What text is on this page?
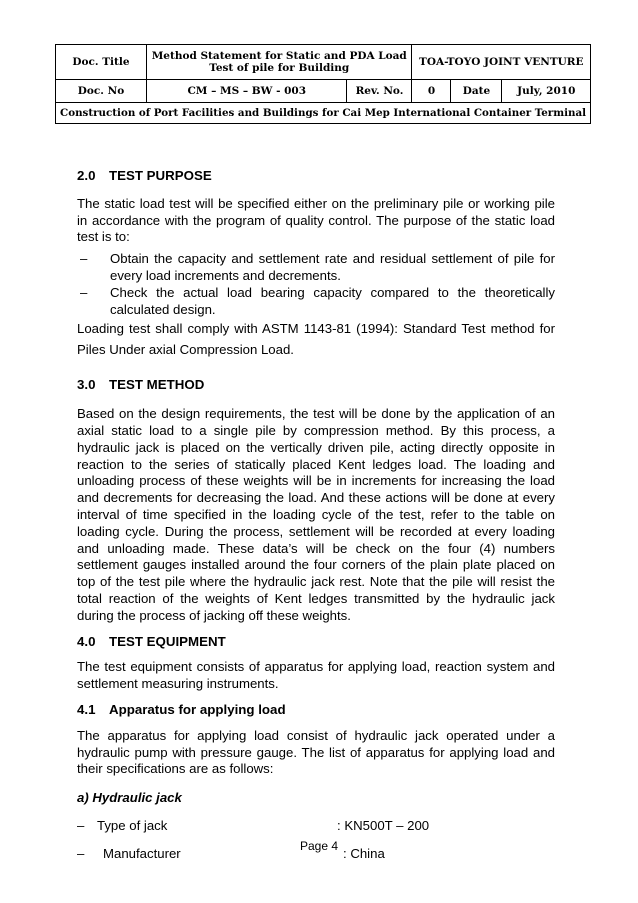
Doc. Title	Method Statement for Static and PDA Load Test of pile for Building		TOA-TOYO JOINT VENTURE		
Doc. No	CM – MS – BW - 003	Rev. No.	0	Date	July, 2010
Construction of Port Facilities and Buildings for Cai Mep International Container Terminal					
2.0	TEST PURPOSE

The static load test will be specified either on the preliminary pile or working pile in accordance with the program of quality control. The purpose of the static load test is to:

–	Obtain the capacity and settlement rate and residual settlement of pile for every load increments and decrements.
–	Check the actual load bearing capacity compared to the theoretically calculated design.

Loading test shall comply with ASTM 1143-81 (1994): Standard Test method for Piles Under axial Compression Load.

3.0	TEST METHOD

Based on the design requirements, the test will be done by the application of an axial static load to a single pile by compression method. By this process, a hydraulic jack is placed on the vertically driven pile, acting directly opposite in reaction to the series of statically placed Kent ledges load. The loading and unloading process of these weights will be in increments for increasing the load and decrements for decreasing the load. And these actions will be done at every interval of time specified in the loading cycle of the test, refer to the table on loading cycle. During the process, settlement will be recorded at every loading and unloading made. These data’s will be check on the four (4) numbers settlement gauges installed around the four corners of the plain plate placed on top of the test pile where the hydraulic jack rest. Note that the pile will resist the total reaction of the weights of Kent ledges transmitted by the hydraulic jack during the process of jacking off these weights.

4.0	TEST EQUIPMENT

The test equipment consists of apparatus for applying load, reaction system and settlement measuring instruments.

4.1	Apparatus for applying load

The apparatus for applying load consist of hydraulic jack operated under a hydraulic pump with pressure gauge. The list of apparatus for applying load and their specifications are as follows:

a) Hydraulic jack

– Type of jack	: KN500T – 200
–	Manufacturer	: China
Page 4
